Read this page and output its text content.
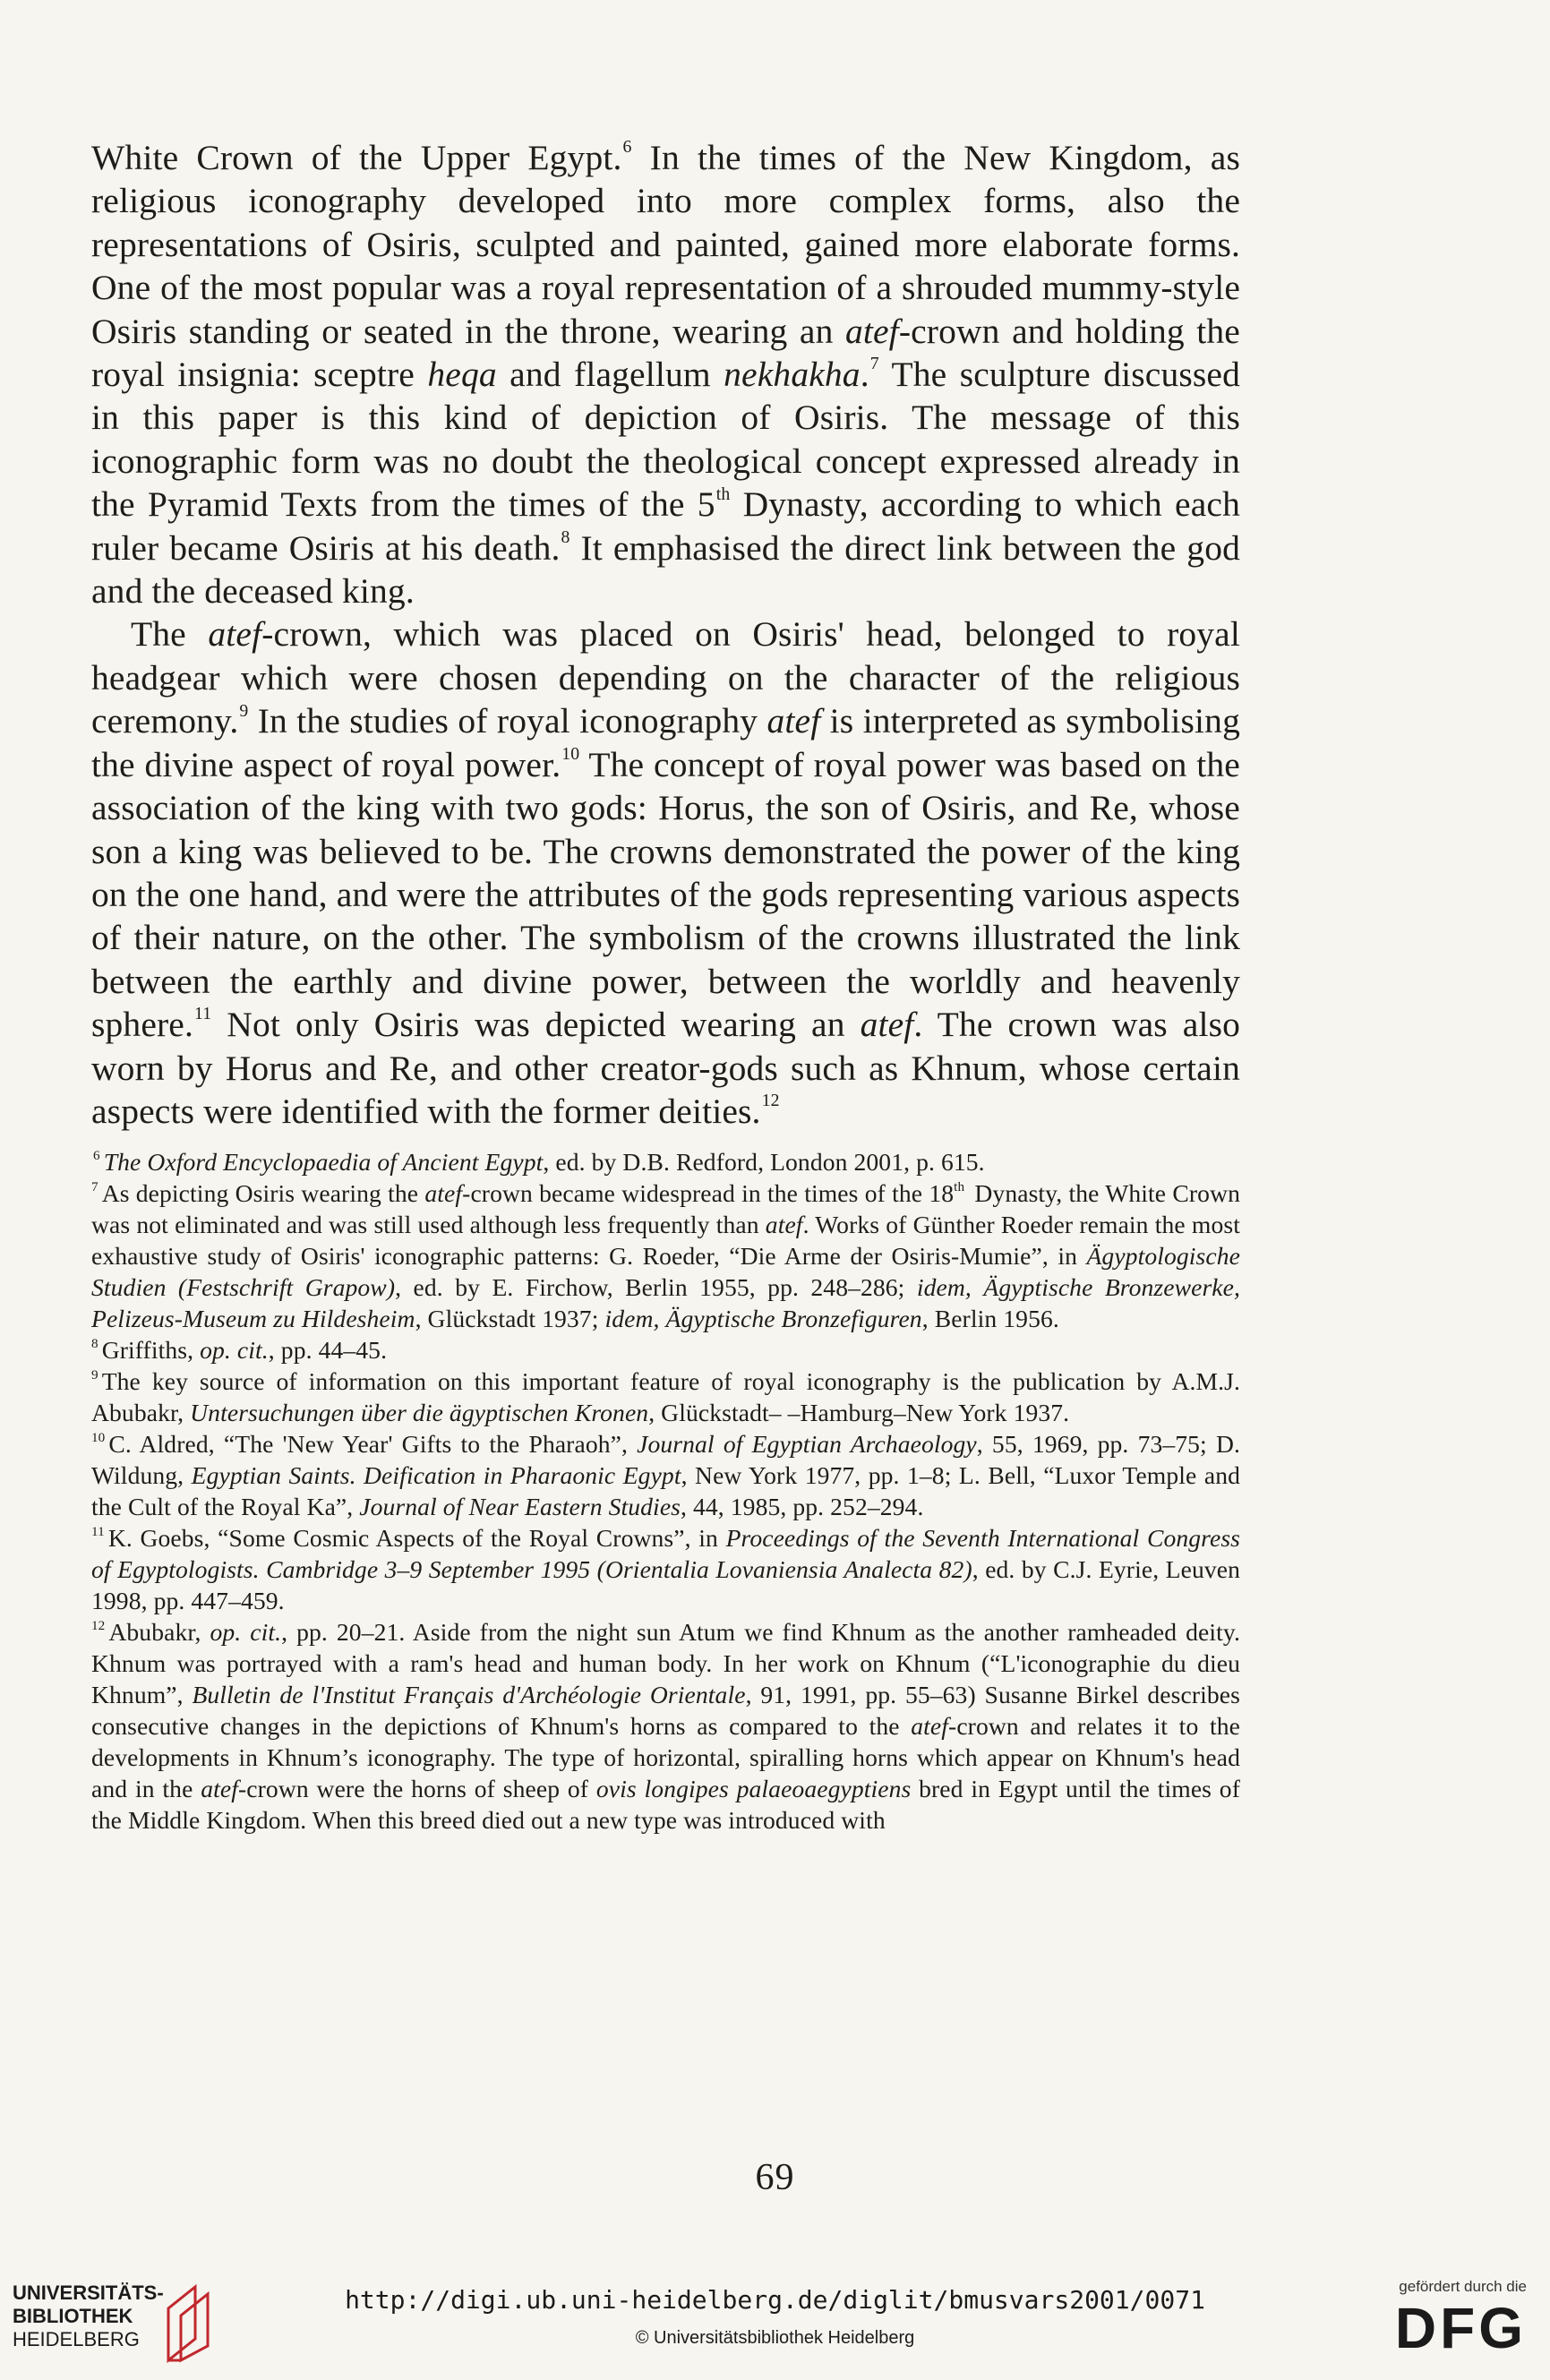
White Crown of the Upper Egypt.$^6$ In the times of the New Kingdom, as religious iconography developed into more complex forms, also the representations of Osiris, sculpted and painted, gained more elaborate forms. One of the most popular was a royal representation of a shrouded mummy-style Osiris standing or seated in the throne, wearing an atef-crown and holding the royal insignia: sceptre heqa and flagellum nekhakha.$^7$ The sculpture discussed in this paper is this kind of depiction of Osiris. The message of this iconographic form was no doubt the theological concept expressed already in the Pyramid Texts from the times of the 5th Dynasty, according to which each ruler became Osiris at his death.$^8$ It emphasised the direct link between the god and the deceased king.

The atef-crown, which was placed on Osiris' head, belonged to royal headgear which were chosen depending on the character of the religious ceremony.$^9$ In the studies of royal iconography atef is interpreted as symbolising the divine aspect of royal power.$^{10}$ The concept of royal power was based on the association of the king with two gods: Horus, the son of Osiris, and Re, whose son a king was believed to be. The crowns demonstrated the power of the king on the one hand, and were the attributes of the gods representing various aspects of their nature, on the other. The symbolism of the crowns illustrated the link between the earthly and divine power, between the worldly and heavenly sphere.$^{11}$ Not only Osiris was depicted wearing an atef. The crown was also worn by Horus and Re, and other creator-gods such as Khnum, whose certain aspects were identified with the former deities.$^{12}$

$^6$ The Oxford Encyclopaedia of Ancient Egypt, ed. by D.B. Redford, London 2001, p. 615.

$^7$ As depicting Osiris wearing the atef-crown became widespread in the times of the 18th Dynasty, the White Crown was not eliminated and was still used although less frequently than atef. Works of Günther Roeder remain the most exhaustive study of Osiris' iconographic patterns: G. Roeder, “Die Arme der Osiris-Mumie”, in Ägyptologische Studien (Festschrift Grapow), ed. by E. Firchow, Berlin 1955, pp. 248–286; idem, Ägyptische Bronzewerke, Pelizeus-Museum zu Hildesheim, Glückstadt 1937; idem, Ägyptische Bronzefiguren, Berlin 1956.

$^8$ Griffiths, op. cit., pp. 44–45.

$^9$ The key source of information on this important feature of royal iconography is the publication by A.M.J. Abubakr, Untersuchungen über die ägyptischen Kronen, Glückstadt– –Hamburg–New York 1937.

$^{10}$ C. Aldred, “The 'New Year' Gifts to the Pharaoh”, Journal of Egyptian Archaeology, 55, 1969, pp. 73–75; D. Wildung, Egyptian Saints. Deification in Pharaonic Egypt, New York 1977, pp. 1–8; L. Bell, “Luxor Temple and the Cult of the Royal Ka”, Journal of Near Eastern Studies, 44, 1985, pp. 252–294.

$^{11}$ K. Goebs, “Some Cosmic Aspects of the Royal Crowns”, in Proceedings of the Seventh International Congress of Egyptologists. Cambridge 3–9 September 1995 (Orientalia Lovaniensia Analecta 82), ed. by C.J. Eyrie, Leuven 1998, pp. 447–459.

$^{12}$ Abubakr, op. cit., pp. 20–21. Aside from the night sun Atum we find Khnum as the another ramheaded deity. Khnum was portrayed with a ram's head and human body. In her work on Khnum (“L'iconographie du dieu Khnum”, Bulletin de l'Institut Français d'Archéologie Orientale, 91, 1991, pp. 55–63) Susanne Birkel describes consecutive changes in the depictions of Khnum's horns as compared to the atef-crown and relates it to the developments in Khnum’s iconography. The type of horizontal, spiralling horns which appear on Khnum's head and in the atef-crown were the horns of sheep of ovis longipes palaeoaegyptiens bred in Egypt until the times of the Middle Kingdom. When this breed died out a new type was introduced with

69
UNIVERSITÄTS-
BIBLIOTHEK
HEIDELBERG
http://digi.ub.uni-heidelberg.de/diglit/bmusvars2001/0071
© Universitätsbibliothek Heidelberg
gefördert durch die
DFG
